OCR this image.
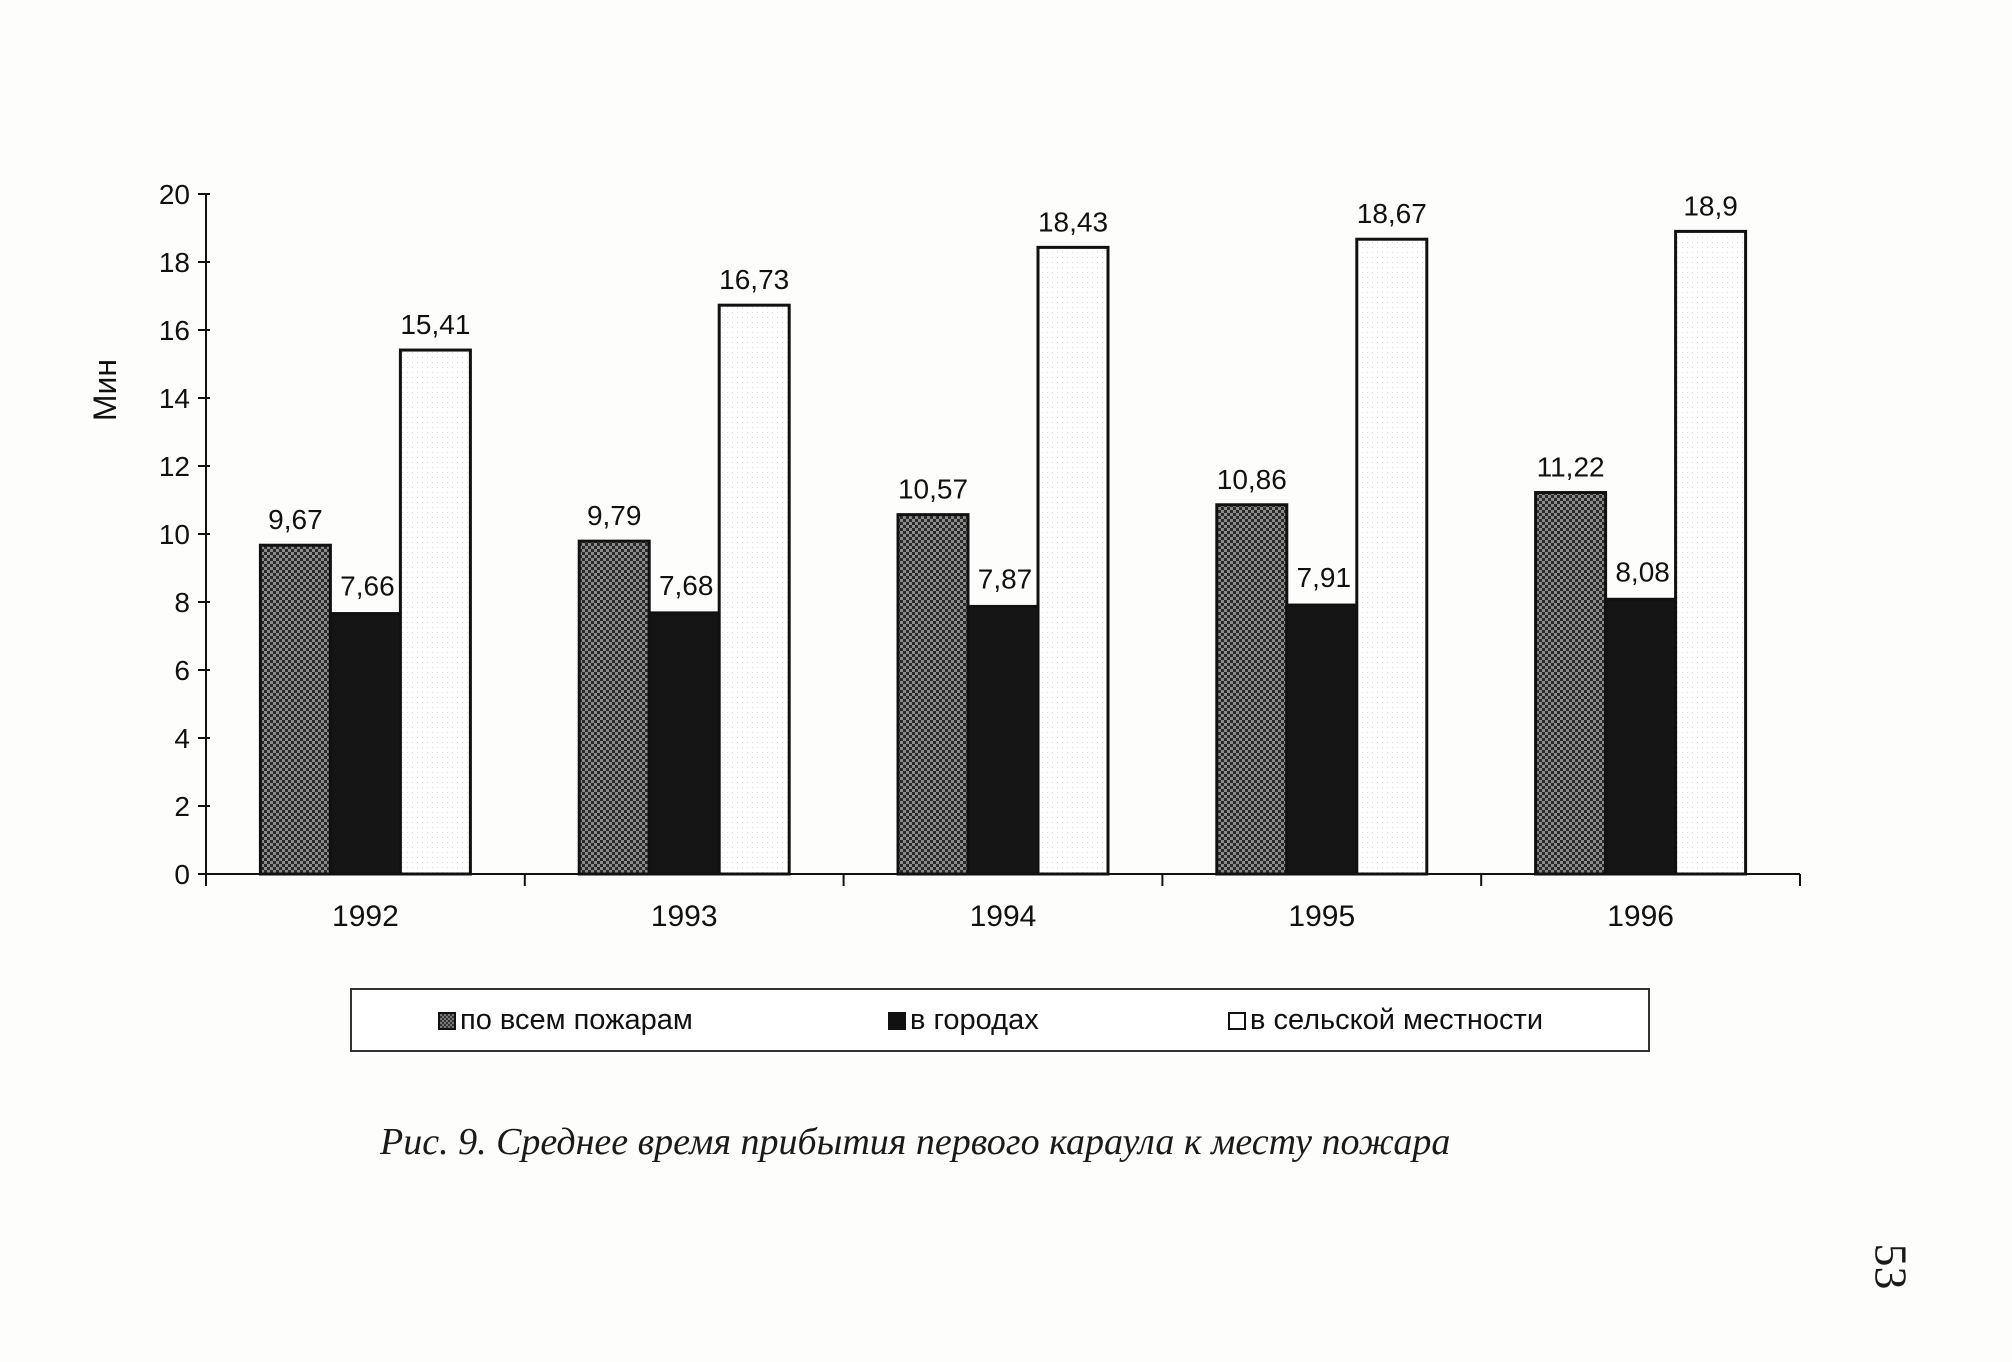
0
2
4
6
8
10
12
14
16
18
20
Мин
1992	1993	1994	1995	1996
9,67
7,66
15,41
9,79
7,68
16,73
10,57
7,87
18,43
10,86
7,91
18,67
11,22
8,08
18,9
по всем пожарам	в городах	в сельской местности
Рис. 9. Среднее время прибытия первого караула к месту пожара
53
